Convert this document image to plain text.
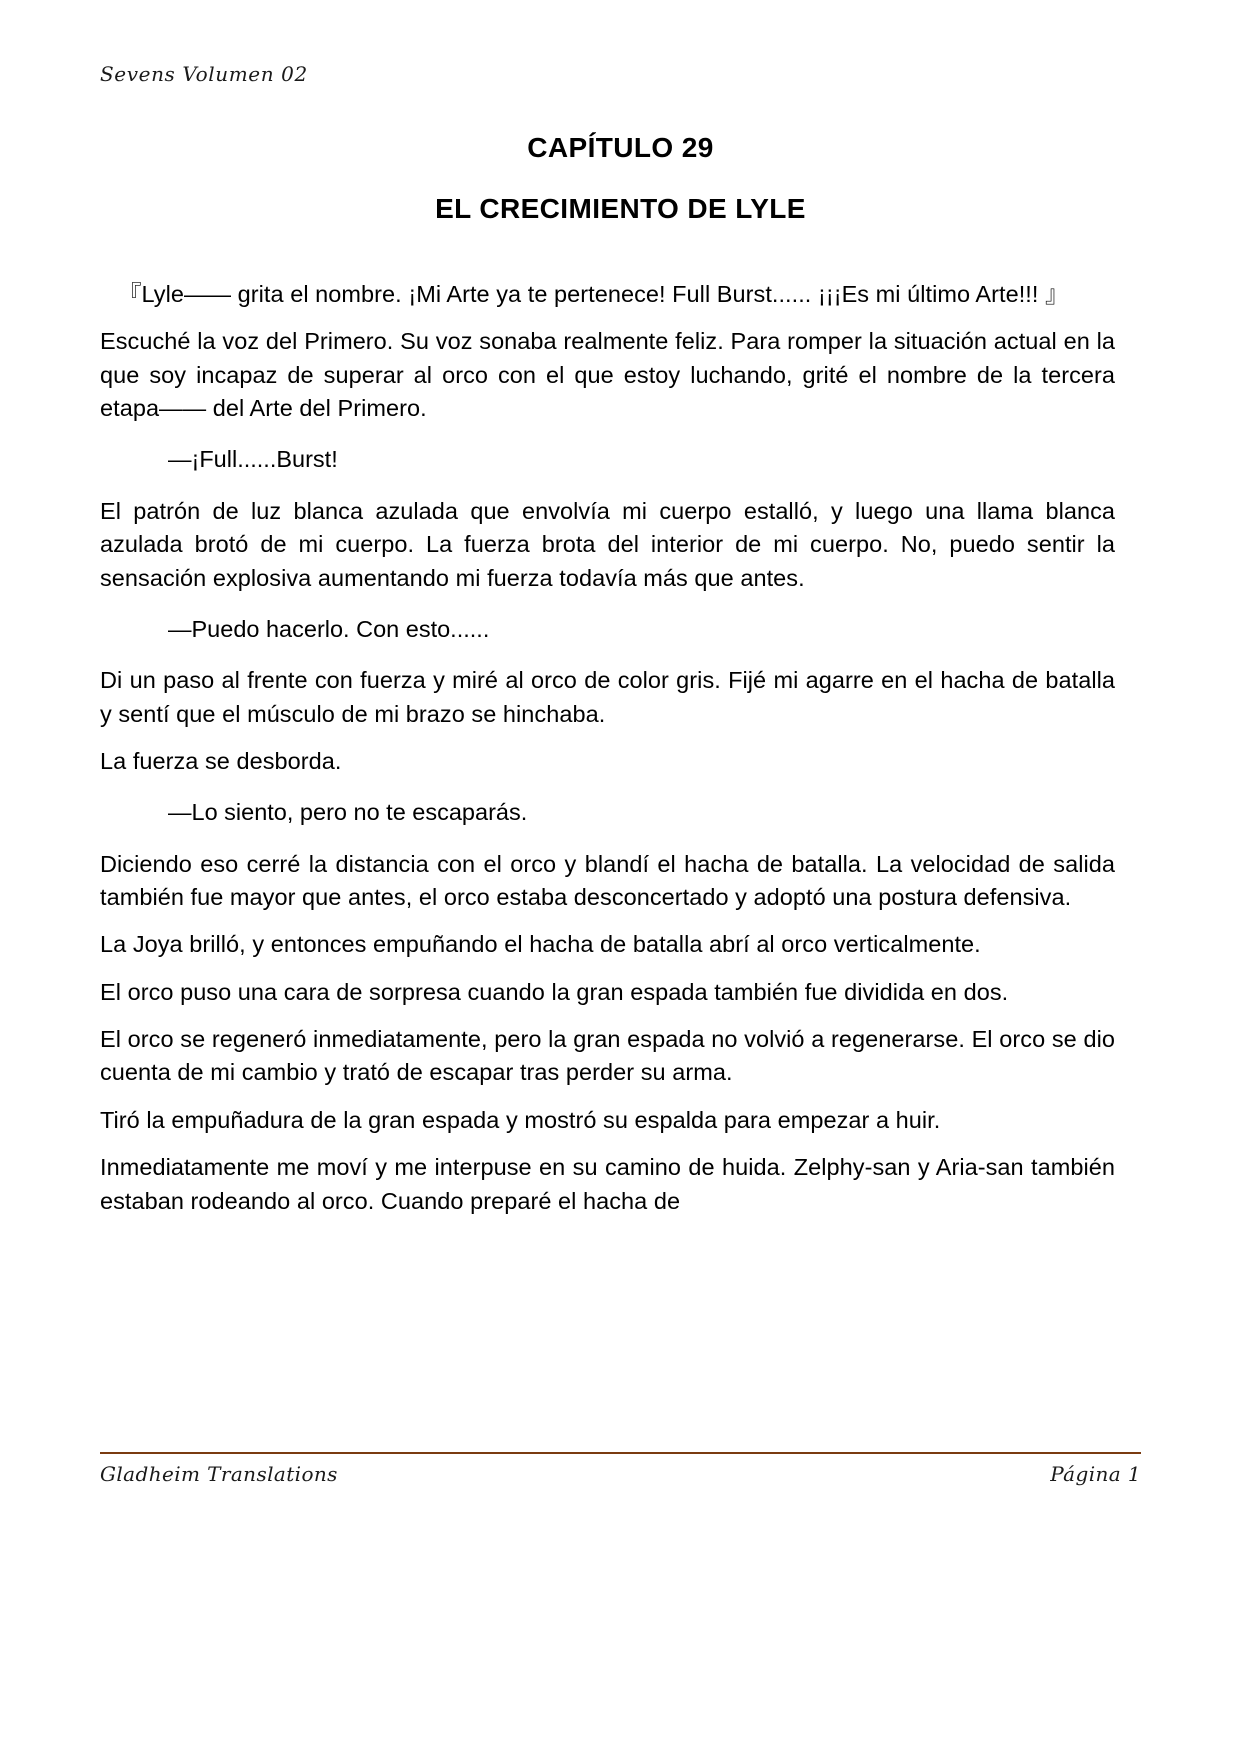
Sevens Volumen 02
CAPÍTULO 29
EL CRECIMIENTO DE LYLE

『Lyle—— grita el nombre. ¡Mi Arte ya te pertenece! Full Burst...... ¡¡¡Es mi último Arte!!! 』

Escuché la voz del Primero. Su voz sonaba realmente feliz. Para romper la situación actual en la que soy incapaz de superar al orco con el que estoy luchando, grité el nombre de la tercera etapa—— del Arte del Primero.

—¡Full......Burst!

El patrón de luz blanca azulada que envolvía mi cuerpo estalló, y luego una llama blanca azulada brotó de mi cuerpo. La fuerza brota del interior de mi cuerpo. No, puedo sentir la sensación explosiva aumentando mi fuerza todavía más que antes.

—Puedo hacerlo. Con esto......

Di un paso al frente con fuerza y miré al orco de color gris. Fijé mi agarre en el hacha de batalla y sentí que el músculo de mi brazo se hinchaba.

La fuerza se desborda.

—Lo siento, pero no te escaparás.

Diciendo eso cerré la distancia con el orco y blandí el hacha de batalla. La velocidad de salida también fue mayor que antes, el orco estaba desconcertado y adoptó una postura defensiva.

La Joya brilló, y entonces empuñando el hacha de batalla abrí al orco verticalmente.

El orco puso una cara de sorpresa cuando la gran espada también fue dividida en dos.

El orco se regeneró inmediatamente, pero la gran espada no volvió a regenerarse. El orco se dio cuenta de mi cambio y trató de escapar tras perder su arma.

Tiró la empuñadura de la gran espada y mostró su espalda para empezar a huir.

Inmediatamente me moví y me interpuse en su camino de huida. Zelphy-san y Aria-san también estaban rodeando al orco. Cuando preparé el hacha de

Gladheim Translations	Página 1
